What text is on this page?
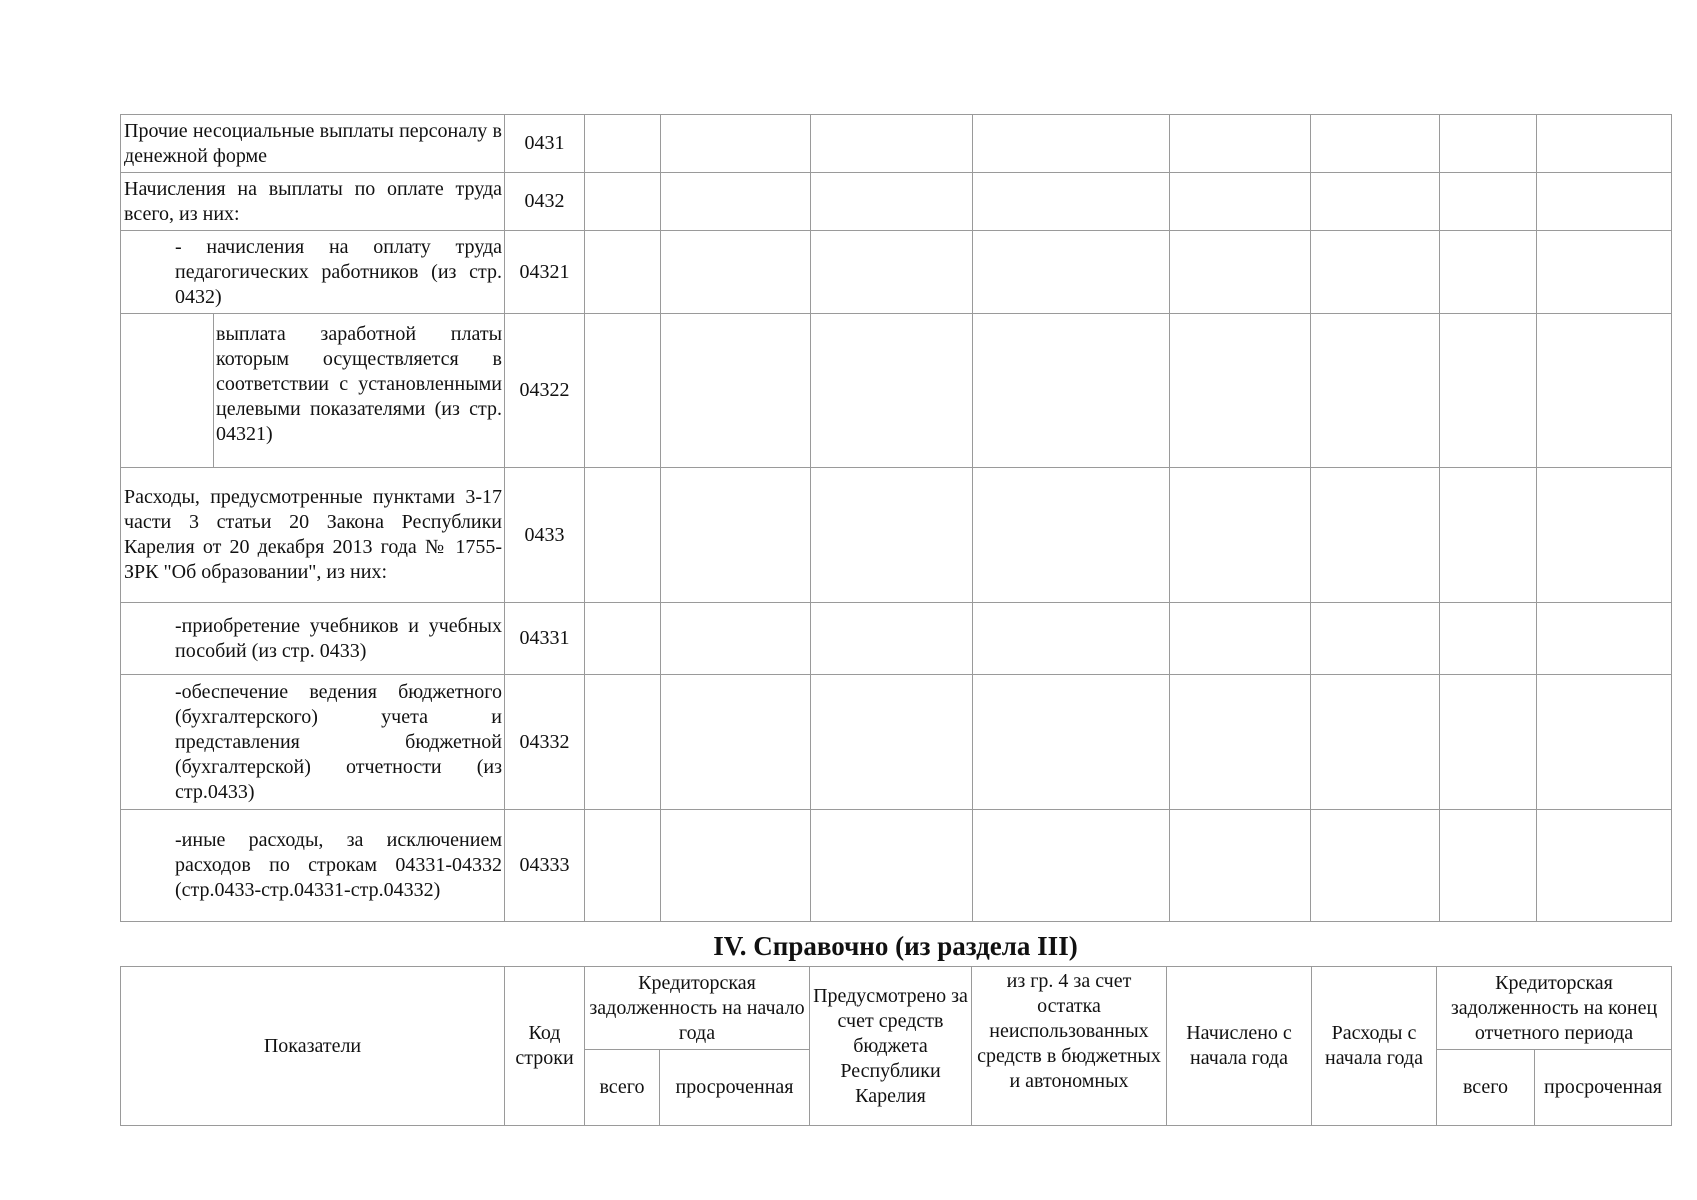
Прочие несоциальные выплаты персоналу в денежной форме	0431								

Начисления на выплаты по оплате труда всего, из них:	0432								

- начисления на оплату труда педагогических работников (из стр. 0432)	04321								

выплата заработной платы которым осуществляется в соответствии с установленными целевыми показателями (из стр. 04321)	04322								

Расходы, предусмотренные пунктами 3-17 части 3 статьи 20 Закона Республики Карелия от 20 декабря 2013 года № 1755-ЗРК "Об образовании", из них:	0433								

-приобретение учебников и учебных пособий (из стр. 0433)	04331								

-обеспечение ведения бюджетного (бухгалтерского) учета и представления бюджетной (бухгалтерской) отчетности (из стр.0433)	04332								

-иные расходы, за исключением расходов по строкам 04331-04332 (стр.0433-стр.04331-стр.04332)	04333								
IV. Справочно (из раздела III)
Показатели	Код строки	Кредиторская задолженность на начало года		Предусмотрено за счет средств бюджета Республики Карелия	из гр. 4 за счет остатка неиспользованных средств в бюджетных и автономных	Начислено с начала года	Расходы с начала года	Кредиторская задолженность на конец отчетного периода	
		всего	просроченная					всего	просроченная
